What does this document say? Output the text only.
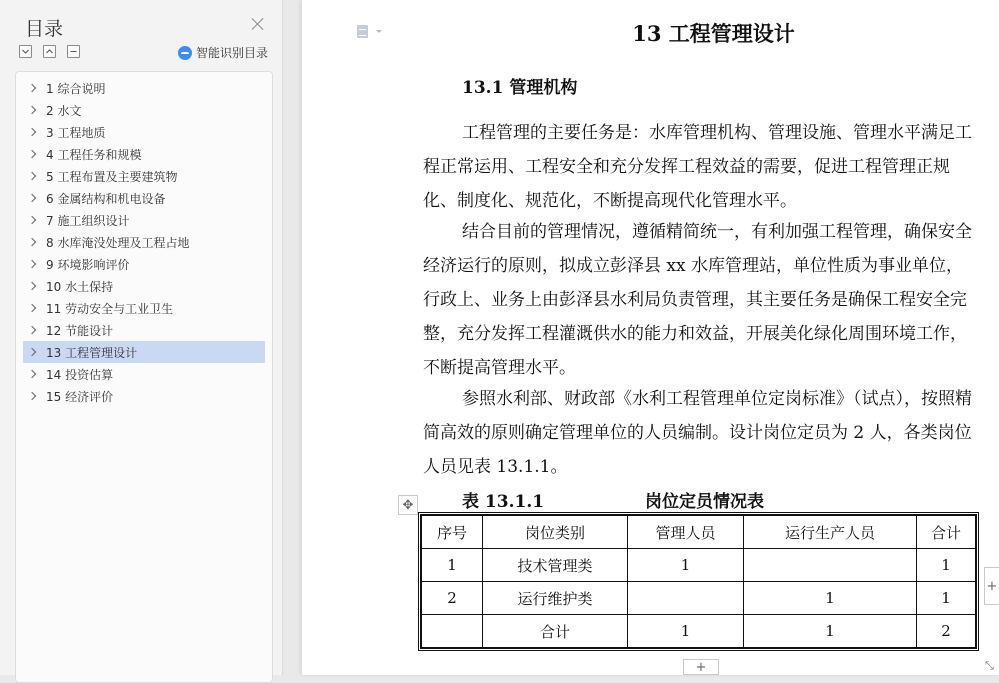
目录
智能识别目录
1 综合说明
2 水文
3 工程地质
4 工程任务和规模
5 工程布置及主要建筑物
6 金属结构和机电设备
7 施工组织设计
8 水库淹没处理及工程占地
9 环境影响评价
10 水土保持
11 劳动安全与工业卫生
12 节能设计
13 工程管理设计
14 投资估算
15 经济评价
13 工程管理设计
13.1 管理机构

工程管理的主要任务是：水库管理机构、管理设施、管理水平满足工程正常运用、工程安全和充分发挥工程效益的需要，促进工程管理正规化、制度化、规范化，不断提高现代化管理水平。

结合目前的管理情况，遵循精简统一，有利加强工程管理，确保安全经济运行的原则，拟成立彭泽县 xx 水库管理站，单位性质为事业单位，行政上、业务上由彭泽县水利局负责管理，其主要任务是确保工程安全完整，充分发挥工程灌溉供水的能力和效益，开展美化绿化周围环境工作，不断提高管理水平。

参照水利部、财政部《水利工程管理单位定岗标准》（试点），按照精简高效的原则确定管理单位的人员编制。设计岗位定员为 2 人，各类岗位人员见表 13.1.1。

✥	表 13.1.1	岗位定员情况表
序号	岗位类别	管理人员	运行生产人员	合计
1	技术管理类	1		1
2	运行维护类		1	1
	合计	1	1	2
+
+
⤡
